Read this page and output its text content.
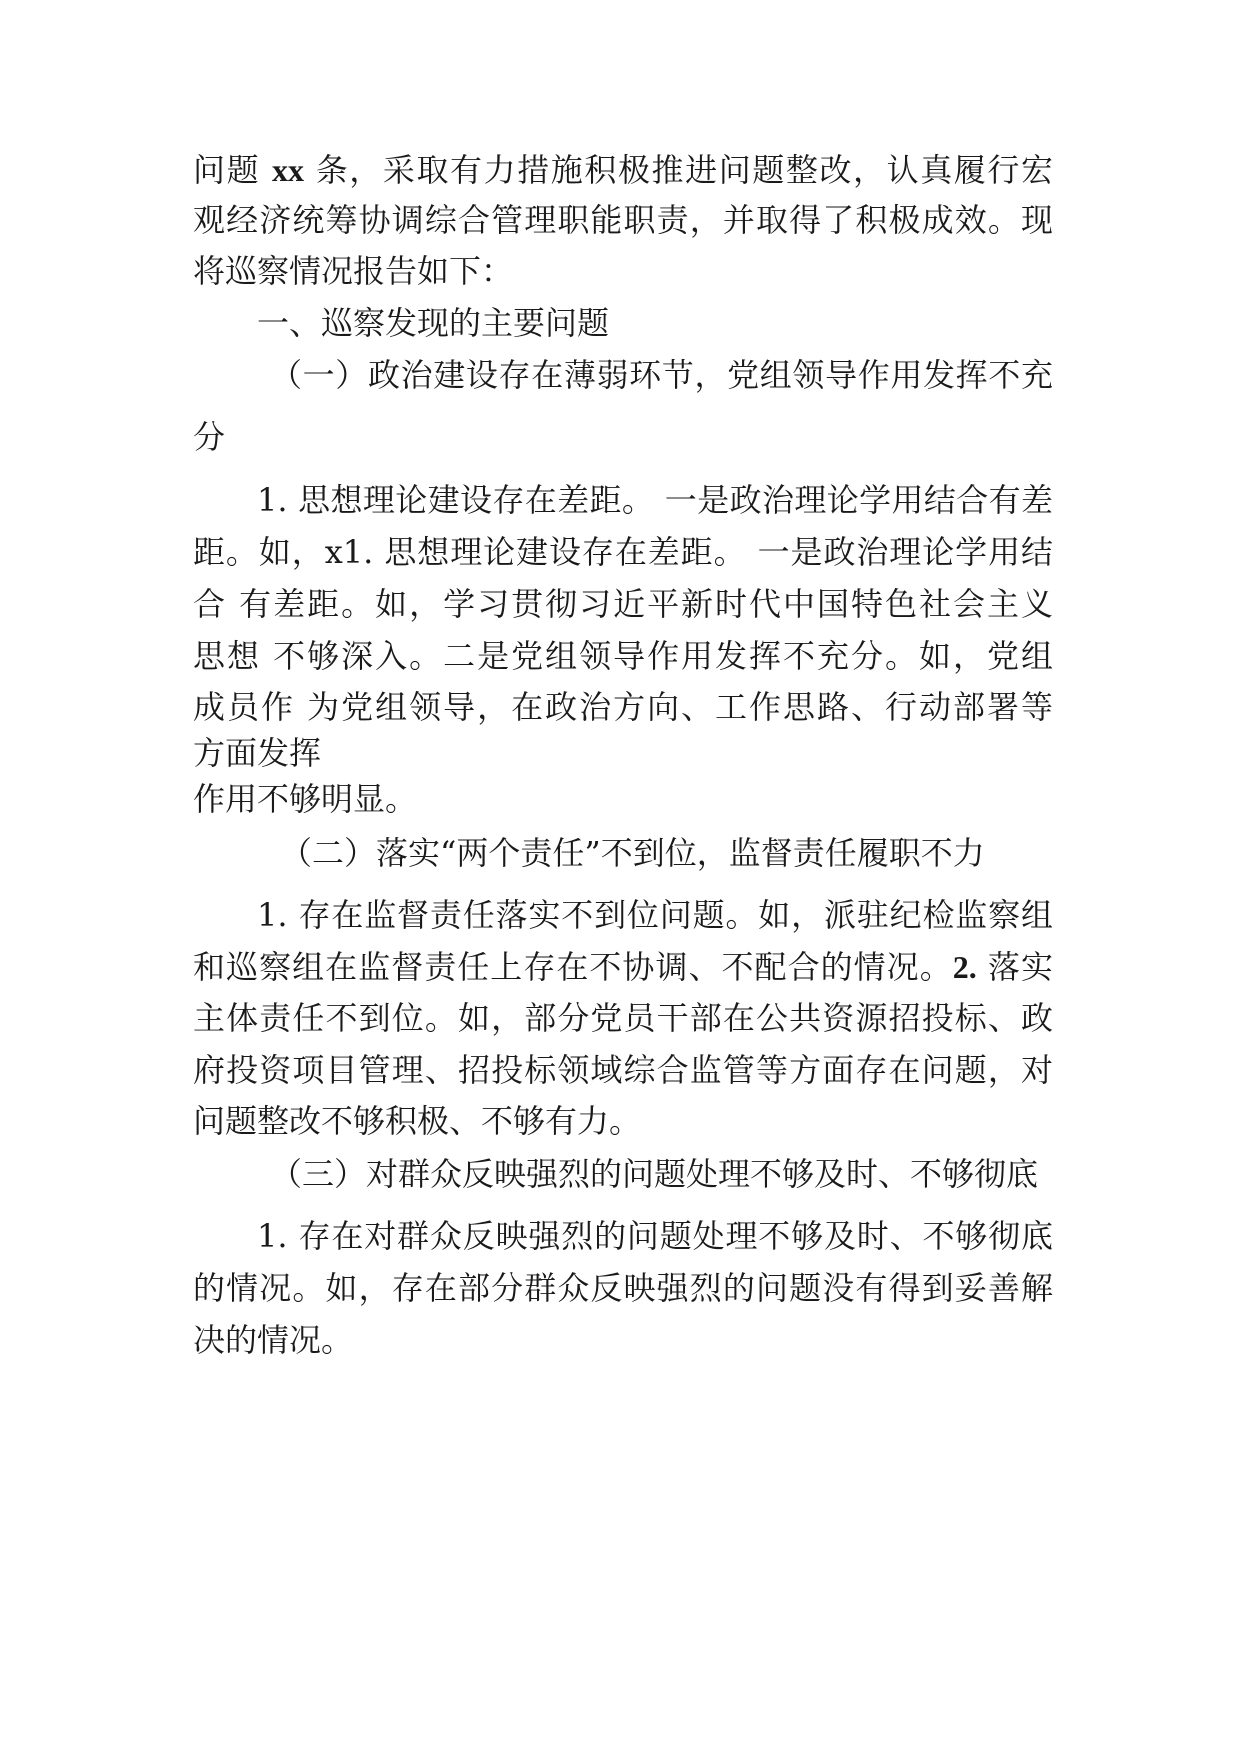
问题 xx 条，采取有力措施积极推进问题整改，认真履行宏
观经济统筹协调综合管理职能职责，并取得了积极成效。现
将巡察情况报告如下：
一、巡察发现的主要问题
（一）政治建设存在薄弱环节，党组领导作用发挥不充
分
1. 思想理论建设存在差距。 一是政治理论学用结合有差
距。如，x1. 思想理论建设存在差距。 一是政治理论学用结
合 有差距。如，学习贯彻习近平新时代中国特色社会主义
思想 不够深入。二是党组领导作用发挥不充分。如，党组
成员作 为党组领导，在政治方向、工作思路、行动部署等
方面发挥
作用不够明显。
（二）落实“两个责任”不到位，监督责任履职不力
1. 存在监督责任落实不到位问题。如，派驻纪检监察组
和巡察组在监督责任上存在不协调、不配合的情况。2. 落实
主体责任不到位。如，部分党员干部在公共资源招投标、政
府投资项目管理、招投标领域综合监管等方面存在问题，对
问题整改不够积极、不够有力。
（三）对群众反映强烈的问题处理不够及时、不够彻底
1. 存在对群众反映强烈的问题处理不够及时、不够彻底
的情况。如，存在部分群众反映强烈的问题没有得到妥善解
决的情况。
